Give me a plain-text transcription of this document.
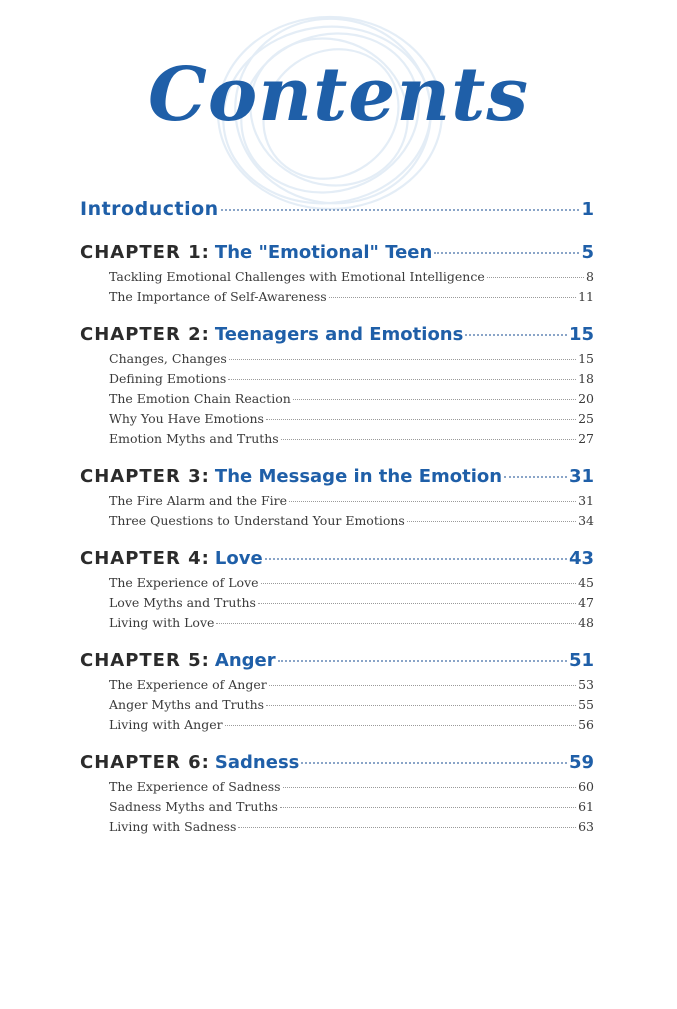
Contents
Introduction	1
CHAPTER 1: The "Emotional" Teen	5
Tackling Emotional Challenges with Emotional Intelligence	8
The Importance of Self-Awareness	11
CHAPTER 2: Teenagers and Emotions	15
Changes, Changes	15
Defining Emotions	18
The Emotion Chain Reaction	20
Why You Have Emotions	25
Emotion Myths and Truths	27
CHAPTER 3: The Message in the Emotion	31
The Fire Alarm and the Fire	31
Three Questions to Understand Your Emotions	34
CHAPTER 4: Love	43
The Experience of Love	45
Love Myths and Truths	47
Living with Love	48
CHAPTER 5: Anger	51
The Experience of Anger	53
Anger Myths and Truths	55
Living with Anger	56
CHAPTER 6: Sadness	59
The Experience of Sadness	60
Sadness Myths and Truths	61
Living with Sadness	63
